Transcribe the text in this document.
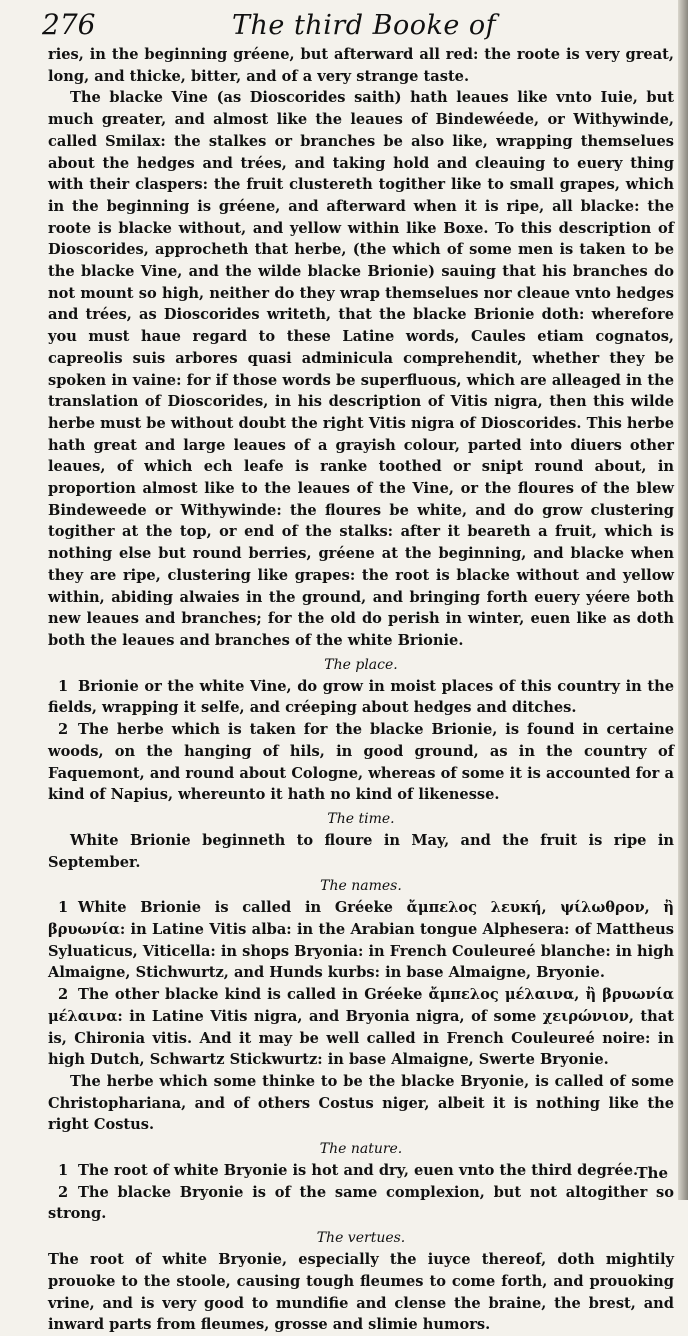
276	The third Booke of

ries, in the beginning gréene, but afterward all red: the roote is very great, long, and thicke, bitter, and of a very strange taste.

The blacke Vine (as Dioscorides saith) hath leaues like vnto Iuie, but much greater, and almost like the leaues of Bindewéede, or Withywinde, called Smilax: the stalkes or branches be also like, wrapping themselues about the hedges and trées, and taking hold and cleauing to euery thing with their claspers: the fruit clustereth togither like to small grapes, which in the beginning is gréene, and afterward when it is ripe, all blacke: the roote is blacke without, and yellow within like Boxe. To this description of Dioscorides, approcheth that herbe, (the which of some men is taken to be the blacke Vine, and the wilde blacke Brionie) sauing that his branches do not mount so high, neither do they wrap themselues nor cleaue vnto hedges and trées, as Dioscorides writeth, that the blacke Brionie doth: wherefore you must haue regard to these Latine words, Caules etiam cognatos, capreolis suis arbores quasi adminicula comprehendit, whether they be spoken in vaine: for if those words be superfluous, which are alleaged in the translation of Dioscorides, in his description of Vitis nigra, then this wilde herbe must be without doubt the right Vitis nigra of Dioscorides. This herbe hath great and large leaues of a grayish colour, parted into diuers other leaues, of which ech leafe is ranke toothed or snipt round about, in proportion almost like to the leaues of the Vine, or the floures of the blew Bindeweede or Withywinde: the floures be white, and do grow clustering togither at the top, or end of the stalks: after it beareth a fruit, which is nothing else but round berries, gréene at the beginning, and blacke when they are ripe, clustering like grapes: the root is blacke without and yellow within, abiding alwaies in the ground, and bringing forth euery yéere both new leaues and branches; for the old do perish in winter, euen like as doth both the leaues and branches of the white Brionie.

The place.

1 Brionie or the white Vine, do grow in moist places of this country in the fields, wrapping it selfe, and créeping about hedges and ditches.

2 The herbe which is taken for the blacke Brionie, is found in certaine woods, on the hanging of hils, in good ground, as in the country of Faquemont, and round about Cologne, whereas of some it is accounted for a kind of Napius, whereunto it hath no kind of likenesse.

The time.

White Brionie beginneth to floure in May, and the fruit is ripe in September.

The names.

1 White Brionie is called in Gréeke ἄμπελος λευκή, ψίλωθρον, ἢ βρυωνία: in Latine Vitis alba: in the Arabian tongue Alphesera: of Mattheus Syluaticus, Viticella: in shops Bryonia: in French Couleureé blanche: in high Almaigne, Stichwurtz, and Hunds kurbs: in base Almaigne, Bryonie.

2 The other blacke kind is called in Gréeke ἄμπελος μέλαινα, ἢ βρυωνία μέλαινα: in Latine Vitis nigra, and Bryonia nigra, of some χειρώνιον, that is, Chironia vitis. And it may be well called in French Couleureé noire: in high Dutch, Schwartz Stickwurtz: in base Almaigne, Swerte Bryonie.

The herbe which some thinke to be the blacke Bryonie, is called of some Christophariana, and of others Costus niger, albeit it is nothing like the right Costus.

The nature.

1 The root of white Bryonie is hot and dry, euen vnto the third degrée.

2 The blacke Bryonie is of the same complexion, but not altogither so strong.

The vertues.

The root of white Bryonie, especially the iuyce thereof, doth mightily prouoke to the stoole, causing tough fleumes to come forth, and prouoking vrine, and is very good to mundifie and clense the braine, the brest, and inward parts from fleumes, grosse and slimie humors.

The
